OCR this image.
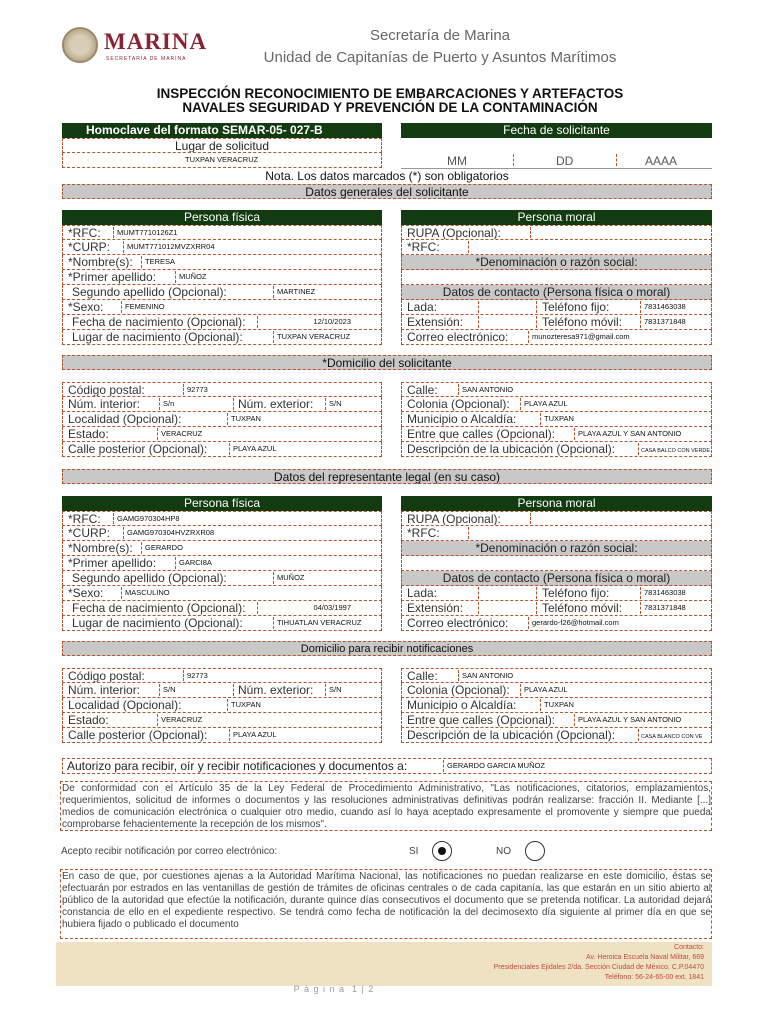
MARINA
SECRETARÍA DE MARINA
Secretaría de Marina
Unidad de Capitanías de Puerto y Asuntos Marítimos
INSPECCIÓN RECONOCIMIENTO DE EMBARCACIONES Y ARTEFACTOS
NAVALES SEGURIDAD Y PREVENCIÓN DE LA CONTAMINACIÓN
Homoclave del formato SEMAR-05- 027-B	Fecha de solicitante
Lugar de solicitud
TUXPAN VERACRUZ	MM	DD	AAAA
Nota. Los datos marcados (*) son obligatorios
Datos generales del solicitante
Persona física	Persona moral
*RFC: MUMT7710126Z1
*CURP: MUMT771012MVZXRR04
*Nombre(s): TERESA
*Primer apellido:	MUÑOZ
Segundo apellido (Opcional):	MARTINEZ
*Sexo:	FEMENINO
Fecha de nacimiento (Opcional):	12/10/2023
Lugar de nacimiento (Opcional):	TUXPAN VERACRUZ
RUPA (Opcional):
*RFC:
*Denominación o razón social:
Datos de contacto (Persona física o moral)
Lada:	Teléfono fijo:	7831463038
Extensión:	Teléfono móvil:	7831371848
Correo electrónico:	munozteresa971@gmail.com
*Domicilio del solicitante
Código postal:	92773
Núm. interior:	S/n	Núm. exterior: S/N
Localidad (Opcional):	TUXPAN
Estado:	VERACRUZ
Calle posterior (Opcional):	PLAYA AZUL
Calle:	SAN ANTONIO
Colonia (Opcional): PLAYA AZUL
Municipio o Alcaldía:	TUXPAN
Entre que calles (Opcional):	PLAYA AZUL Y SAN ANTONIO
Descripción de la ubicación (Opcional):	CASA BALCO CON VERDE
Datos del representante legal (en su caso)
Persona física	Persona moral
*RFC: GAMG970304HP8
*CURP: GAMG970304HVZRXR08
*Nombre(s): GERARDO
*Primer apellido:	GARCI8A
Segundo apellido (Opcional):	MUÑOZ
*Sexo:	MASCULINO
Fecha de nacimiento (Opcional):	04/03/1997
Lugar de nacimiento (Opcional):	TIHUATLAN VERACRUZ
RUPA (Opcional):
*RFC:
*Denominación o razón social:
Datos de contacto (Persona física o moral)
Lada:	Teléfono fijo:	7831463038
Extensión:	Teléfono móvil:	7831371848
Correo electrónico:	gerardo-f26@hotmail.com
Domicilio para recibir notificaciones
Código postal:	92773
Núm. interior:	S/N	Núm. exterior: S/N
Localidad (Opcional):	TUXPAN
Estado:	VERACRUZ
Calle posterior (Opcional):	PLAYA AZUL
Calle:	SAN ANTONIO
Colonia (Opcional): PLAYA AZUL
Municipio o Alcaldía:	TUXPAN
Entre que calles (Opcional):	PLAYA AZUL Y SAN ANTONIO
Descripción de la ubicación (Opcional):	CASA BLANCO CON VE
Autorizo para recibir, oír y recibir notificaciones y documentos a:	GERARDO GARCIA MUÑOZ
De conformidad con el Artículo 35 de la Ley Federal de Procedimiento Administrativo, "Las notificaciones, citatorios, emplazamientos, requerimientos, solicitud de informes o documentos y las resoluciones administrativas definitivas podrán realizarse: fracción II. Mediante [...] medios de comunicación electrónica o cualquier otro medio, cuando así lo haya aceptado expresamente el promovente y siempre que pueda comprobarse fehacientemente la recepción de los mismos".
Acepto recibir notificación por correo electrónico:	SI	NO
En caso de que, por cuestiones ajenas a la Autoridad Marítima Nacional, las notificaciones no puedan realizarse en este domicilio, éstas se efectuarán por estrados en las ventanillas de gestión de trámites de oficinas centrales o de cada capitanía, las que estarán en un sitio abierto al público de la autoridad que efectúe la notificación, durante quince días consecutivos el documento que se pretenda notificar. La autoridad dejará constancia de ello en el expediente respectivo. Se tendrá como fecha de notificación la del decimosexto día siguiente al primer día en que se hubiera fijado o publicado el documento
Contacto:
Av. Heroica Escuela Naval Militar, 669
Presidenciales Ejidales 2/da. Sección Ciudad de México. C.P.04470
Teléfono: 56-24-65-00 ext. 1841
P á g i n a  1 | 2
